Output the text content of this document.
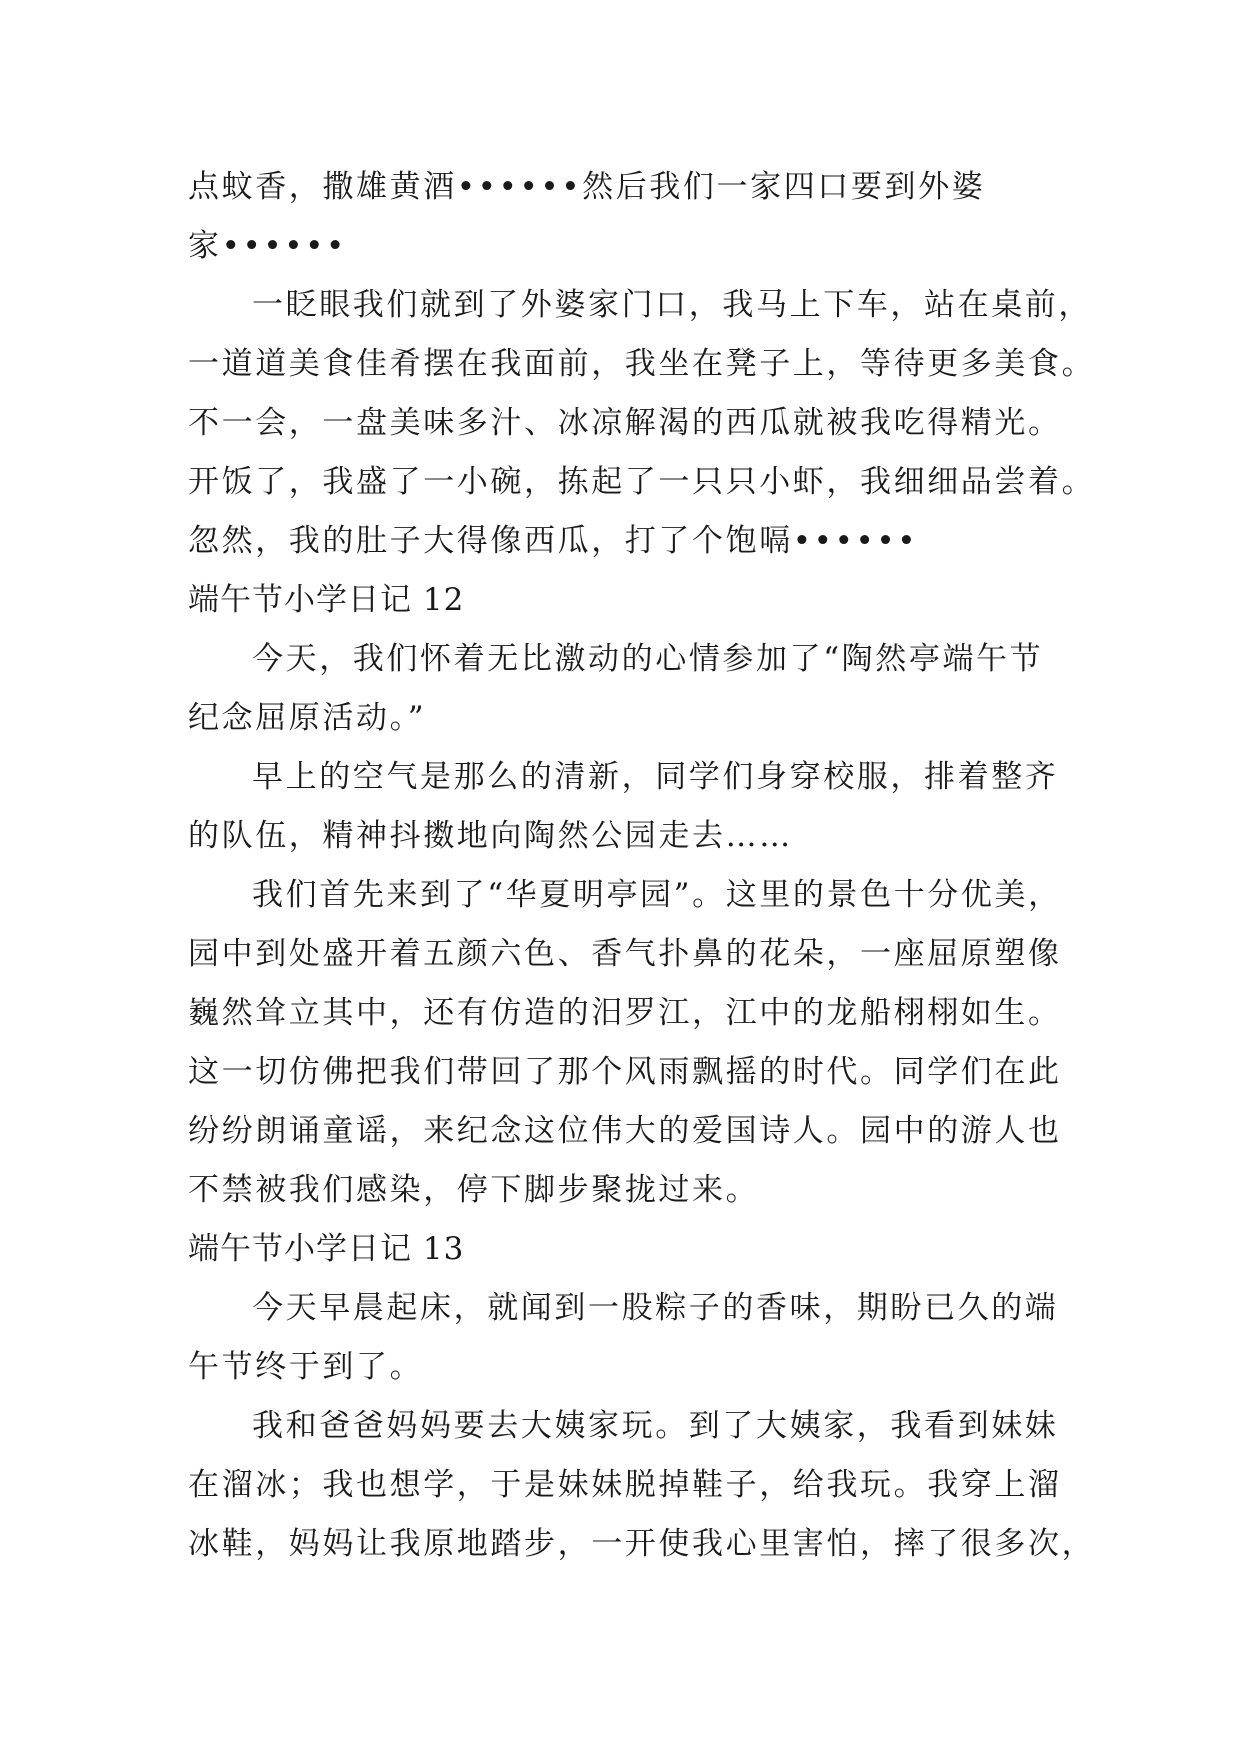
点蚊香，撒雄黄酒••••••然后我们一家四口要到外婆

家••••••

一眨眼我们就到了外婆家门口，我马上下车，站在桌前，

一道道美食佳肴摆在我面前，我坐在凳子上，等待更多美食。

不一会，一盘美味多汁、冰凉解渴的西瓜就被我吃得精光。

开饭了，我盛了一小碗，拣起了一只只小虾，我细细品尝着。

忽然，我的肚子大得像西瓜，打了个饱嗝••••••

端午节小学日记 12

今天，我们怀着无比激动的心情参加了“陶然亭端午节

纪念屈原活动。”

早上的空气是那么的清新，同学们身穿校服，排着整齐

的队伍，精神抖擞地向陶然公园走去……

我们首先来到了“华夏明亭园”。这里的景色十分优美，

园中到处盛开着五颜六色、香气扑鼻的花朵，一座屈原塑像

巍然耸立其中，还有仿造的汨罗江，江中的龙船栩栩如生。

这一切仿佛把我们带回了那个风雨飘摇的时代。同学们在此

纷纷朗诵童谣，来纪念这位伟大的爱国诗人。园中的游人也

不禁被我们感染，停下脚步聚拢过来。

端午节小学日记 13

今天早晨起床，就闻到一股粽子的香味，期盼已久的端

午节终于到了。

我和爸爸妈妈要去大姨家玩。到了大姨家，我看到妹妹

在溜冰；我也想学，于是妹妹脱掉鞋子，给我玩。我穿上溜

冰鞋，妈妈让我原地踏步，一开使我心里害怕，摔了很多次，
